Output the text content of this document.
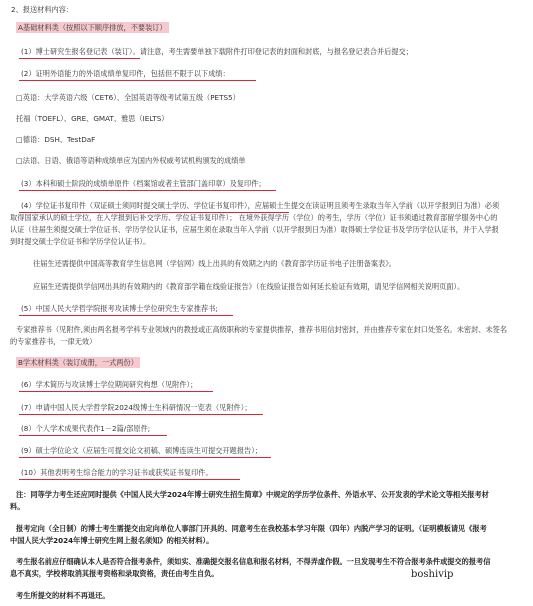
2、报送材料内容：
A基础材料类（按照以下顺序排放，不要装订）
(1）博士研究生报名登记表（装订）。请注意，考生需要单独下载附件打印登记表的封面和封底，与报名登记表合并后提交；
(2）证明外语能力的外语成绩单复印件，包括但不限于以下成绩：
□英语：大学英语六级（CET6）、全国英语等级考试第五级（PETS5）
托福（TOEFL）、GRE、GMAT、雅思（IELTS）
□德语：DSH、TestDaF
□法语、日语、俄语等语种成绩单应为国内外权威考试机构颁发的成绩单
(3）本科和硕士阶段的成绩单原件（档案馆或者主管部门盖印章）及复印件；
(4）学位证书复印件（双证硕士须同时提交硕士学历、学位证书复印件），应届硕士生提交在读证明且须考生录取当年入学前（以开学报到日为准）必须
取得国家承认的硕士学位，在入学报到后补交学历、学位证书复印件）； 在境外获得学历（学位）的考生，学历（学位）证书须通过教育部留学服务中心的
认证（往届生须提交硕士学位证书、学历学位认证书，应届生须在录取当年入学前（以开学报到日为准）取得硕士学位证书及学历学位认证书，并于入学报
到时提交硕士学位证书和学历学位认证书）。
往届生还需提供中国高等教育学生信息网（学信网）线上出具的有效期之内的《教育部学历证书电子注册备案表》。
应届生还需提供学信网出具的有效期内的《教育部学籍在线验证报告》（在线验证报告如何延长验证有效期，请见学信网相关说明页面）。
(5）中国人民大学哲学院报考攻读博士学位研究生专家推荐书;
专家推荐书（见附件,须由两名报考学科专业领域内的教授或正高级职称的专家提供推荐，推荐书用信封密封，并由推荐专家在封口处签名。未密封、未签名
的专家推荐书，一律无效）
B学术材料类（装订成册，一式两份）
(6）学术简历与攻读博士学位期间研究构想（见附件）；
(7）申请中国人民大学哲学院2024级博士生科研情况一览表（见附件）；
(8）个人学术成果代表作1－2篇/部原件;
(9）硕士学位论文（应届生可提交论文初稿、硕博连读生可提交开题报告）；
(10）其他表明考生综合能力的学习证书或获奖证书复印件。
注：同等学力考生还应同时提供《中国人民大学2024年博士研究生招生简章》中规定的学历学位条件、外语水平、公开发表的学术论文等相关报考材
料。
报考定向（全日制）的博士考生需提交由定向单位人事部门开具的、同意考生在我校基本学习年限（四年）内脱产学习的证明。（证明模板请见《报考
中国人民大学2024年博士研究生网上报名须知》的相关材料）。
考生报名前应仔细确认本人是否符合报考条件，须如实、准确提交报名信息和报名材料，不得弄虚作假。一旦发现考生不符合报考条件或提交的报考信
息不真实，学校将取消其报考资格和录取资格，责任由考生自负。
考生所提交的材料不再退还。
boshivip
